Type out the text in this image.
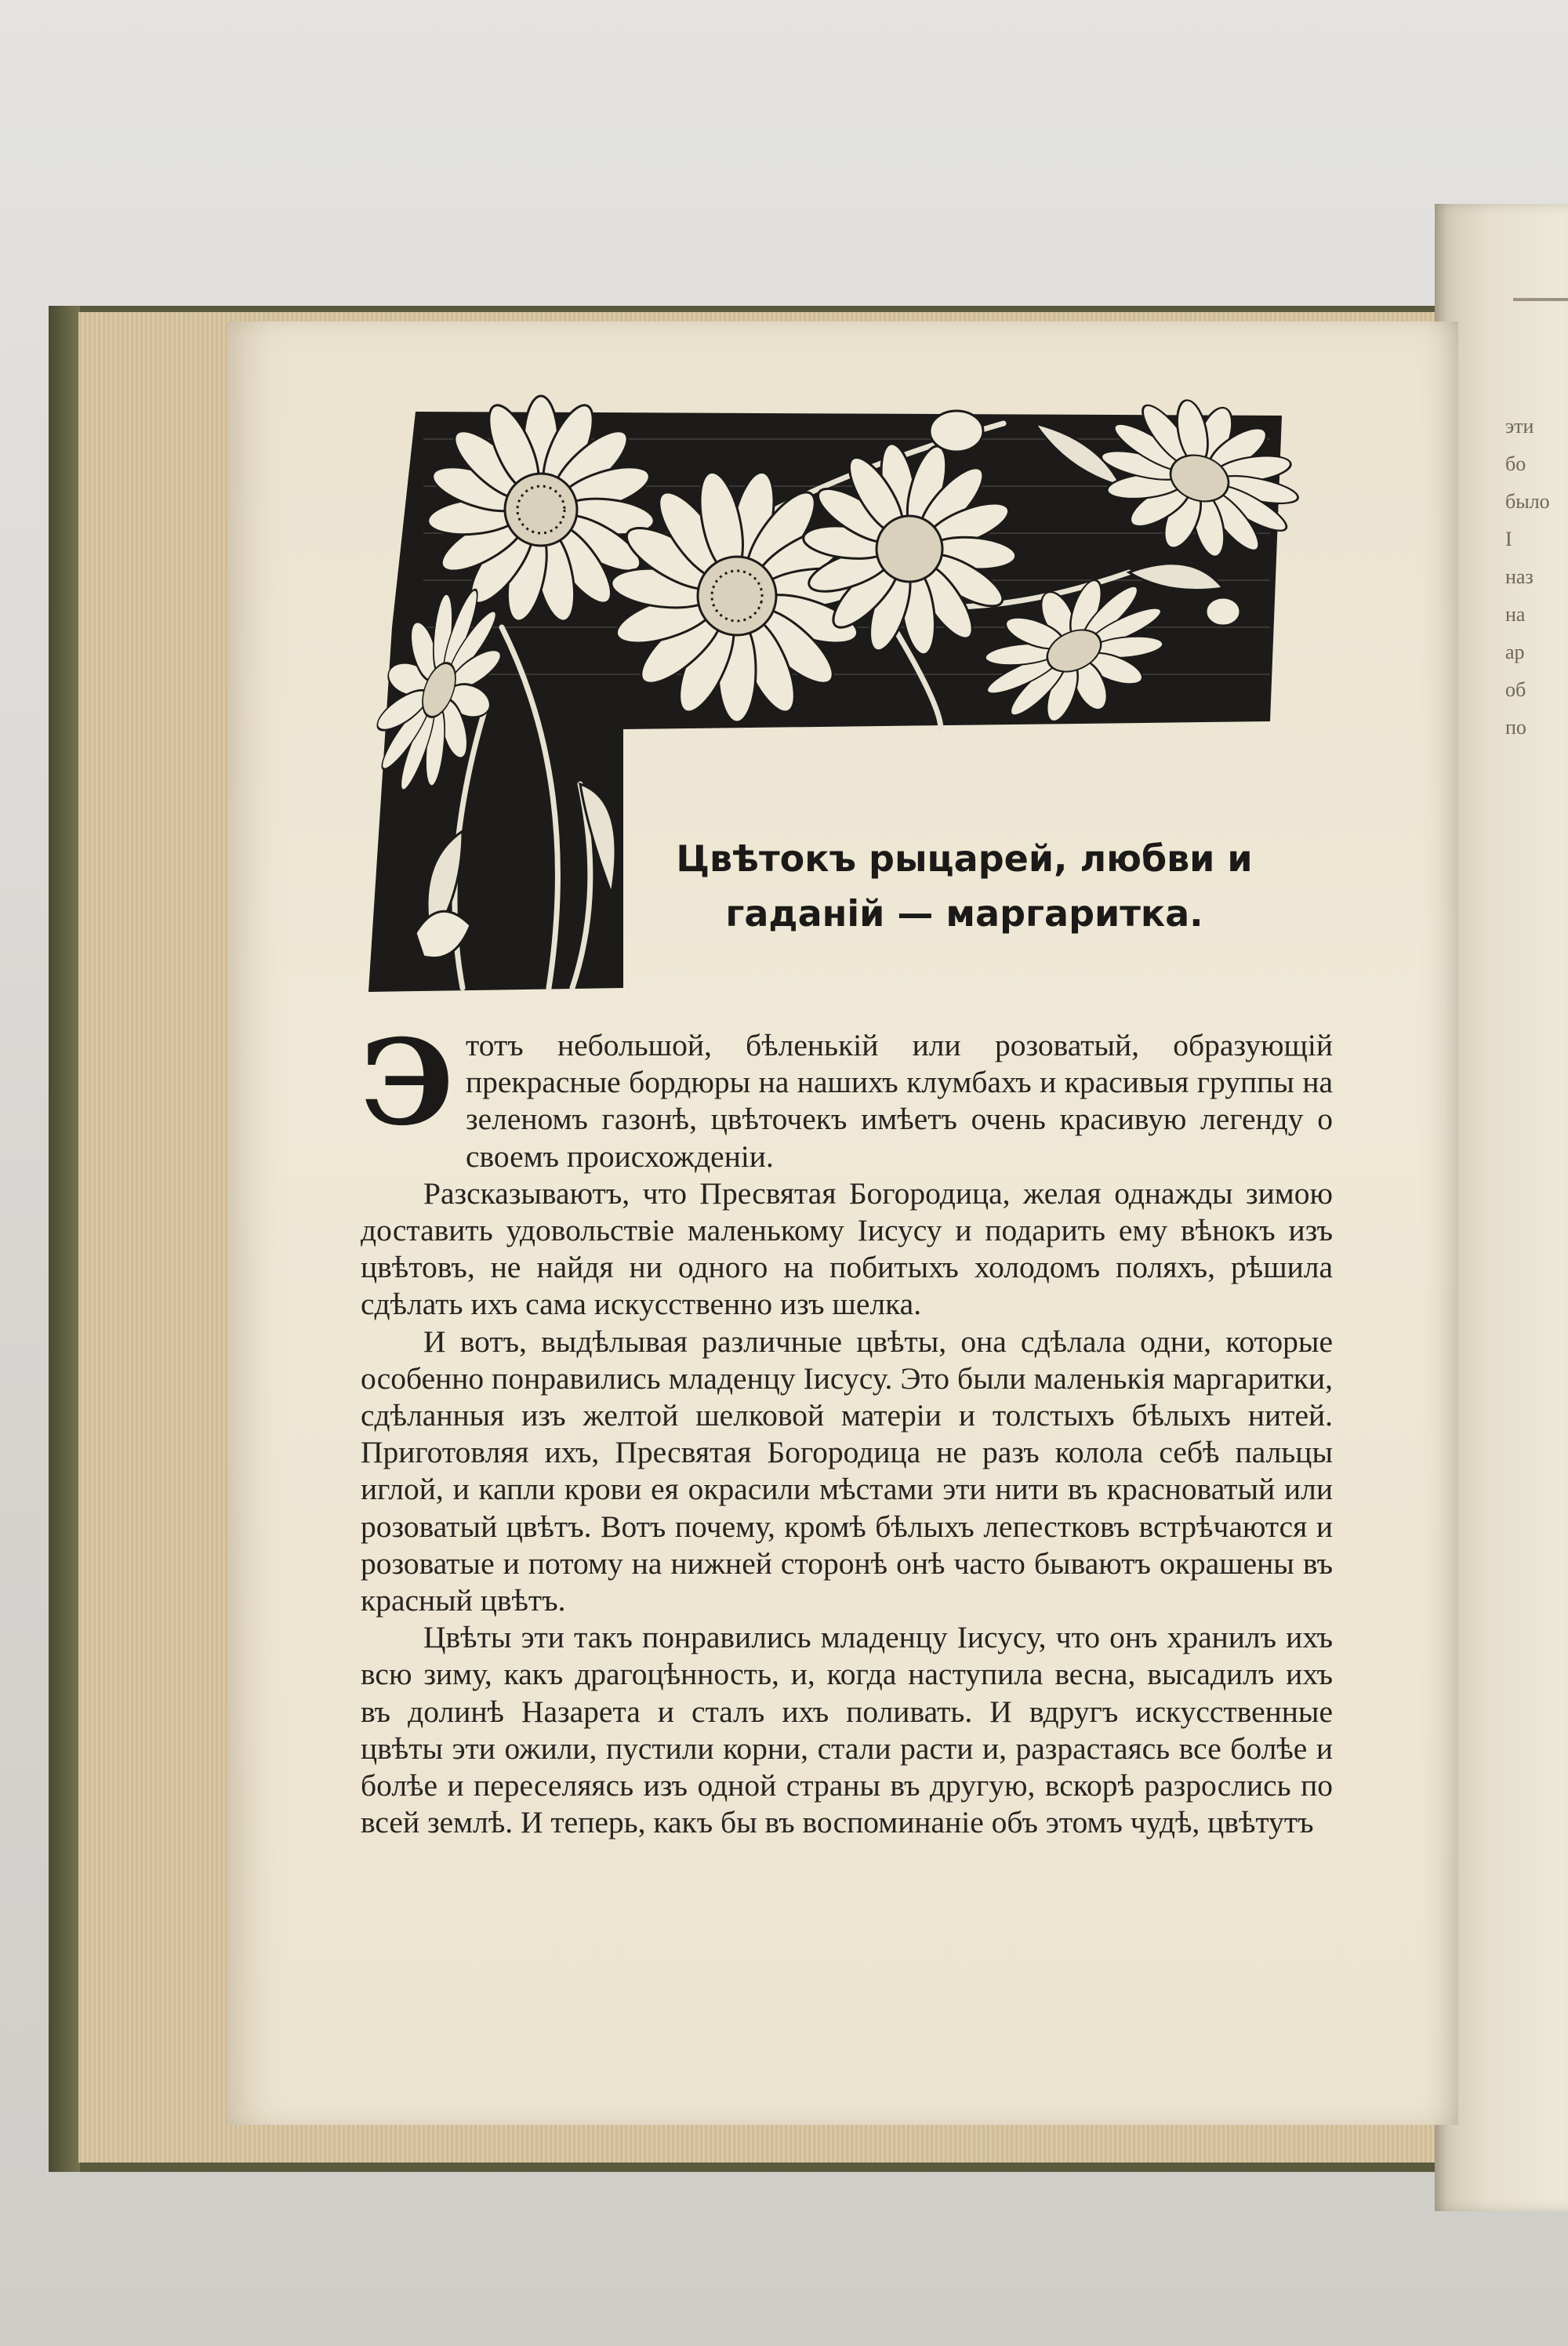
эти
бо
было
І
наз
на
ар
об
по
Цвѣтокъ рыцарей, любви и гаданій — маргаритка.

Этотъ небольшой, бѣленькій или розоватый, образующій прекрасные бордюры на нашихъ клумбахъ и красивыя группы на зеленомъ газонѣ, цвѣточекъ имѣетъ очень красивую легенду о своемъ происхожденіи.

Разсказываютъ, что Пресвятая Богородица, желая однажды зимою доставить удовольствіе маленькому Іисусу и подарить ему вѣнокъ изъ цвѣтовъ, не найдя ни одного на побитыхъ холодомъ поляхъ, рѣшила сдѣлать ихъ сама искусственно изъ шелка.

И вотъ, выдѣлывая различные цвѣты, она сдѣлала одни, которые особенно понравились младенцу Іисусу. Это были маленькія маргаритки, сдѣланныя изъ желтой шелковой матеріи и толстыхъ бѣлыхъ нитей. Приготовляя ихъ, Пресвятая Богородица не разъ колола себѣ пальцы иглой, и капли крови ея окрасили мѣстами эти нити въ красноватый или розоватый цвѣтъ. Вотъ почему, кромѣ бѣлыхъ лепестковъ встрѣчаются и розоватые и потому на нижней сторонѣ онѣ часто бываютъ окрашены въ красный цвѣтъ.

Цвѣты эти такъ понравились младенцу Іисусу, что онъ хранилъ ихъ всю зиму, какъ драгоцѣнность, и, когда наступила весна, высадилъ ихъ въ долинѣ Назарета и сталъ ихъ поливать. И вдругъ искусственные цвѣты эти ожили, пустили корни, стали расти и, разрастаясь все болѣе и болѣе и переселяясь изъ одной страны въ другую, вскорѣ разрослись по всей землѣ. И теперь, какъ бы въ воспоминаніе объ этомъ чудѣ, цвѣтутъ
